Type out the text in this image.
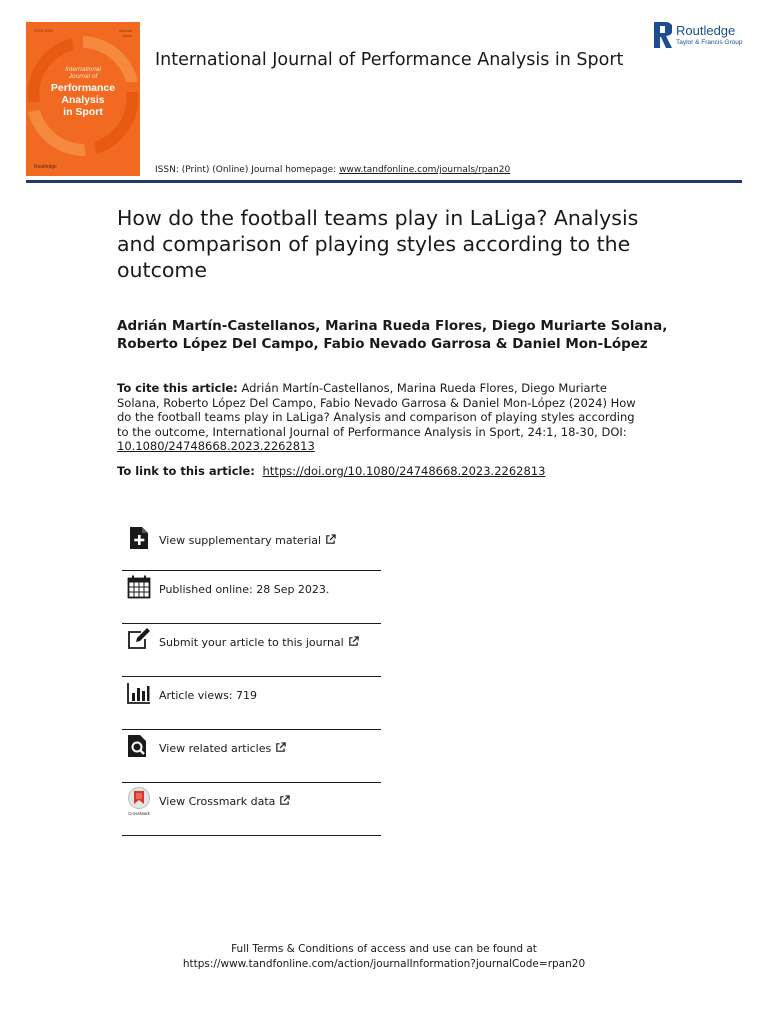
ISSN 0000	Volume
Issue
International
Journal of
Performance
Analysis
in Sport
Routledge
International Journal of Performance Analysis in Sport
Routledge
Taylor & Francis Group
ISSN: (Print) (Online) Journal homepage: www.tandfonline.com/journals/rpan20
How do the football teams play in LaLiga? Analysis and comparison of playing styles according to the outcome
Adrián Martín-Castellanos, Marina Rueda Flores, Diego Muriarte Solana,
Roberto López Del Campo, Fabio Nevado Garrosa & Daniel Mon-López
To cite this article: Adrián Martín-Castellanos, Marina Rueda Flores, Diego Muriarte Solana, Roberto López Del Campo, Fabio Nevado Garrosa & Daniel Mon-López (2024) How do the football teams play in LaLiga? Analysis and comparison of playing styles according to the outcome, International Journal of Performance Analysis in Sport, 24:1, 18-30, DOI: 10.1080/24748668.2023.2262813
To link to this article: https://doi.org/10.1080/24748668.2023.2262813
View supplementary material
Published online: 28 Sep 2023.
Submit your article to this journal
Article views: 719
View related articles
CrossMark
View Crossmark data
Full Terms & Conditions of access and use can be found at
https://www.tandfonline.com/action/journalInformation?journalCode=rpan20
